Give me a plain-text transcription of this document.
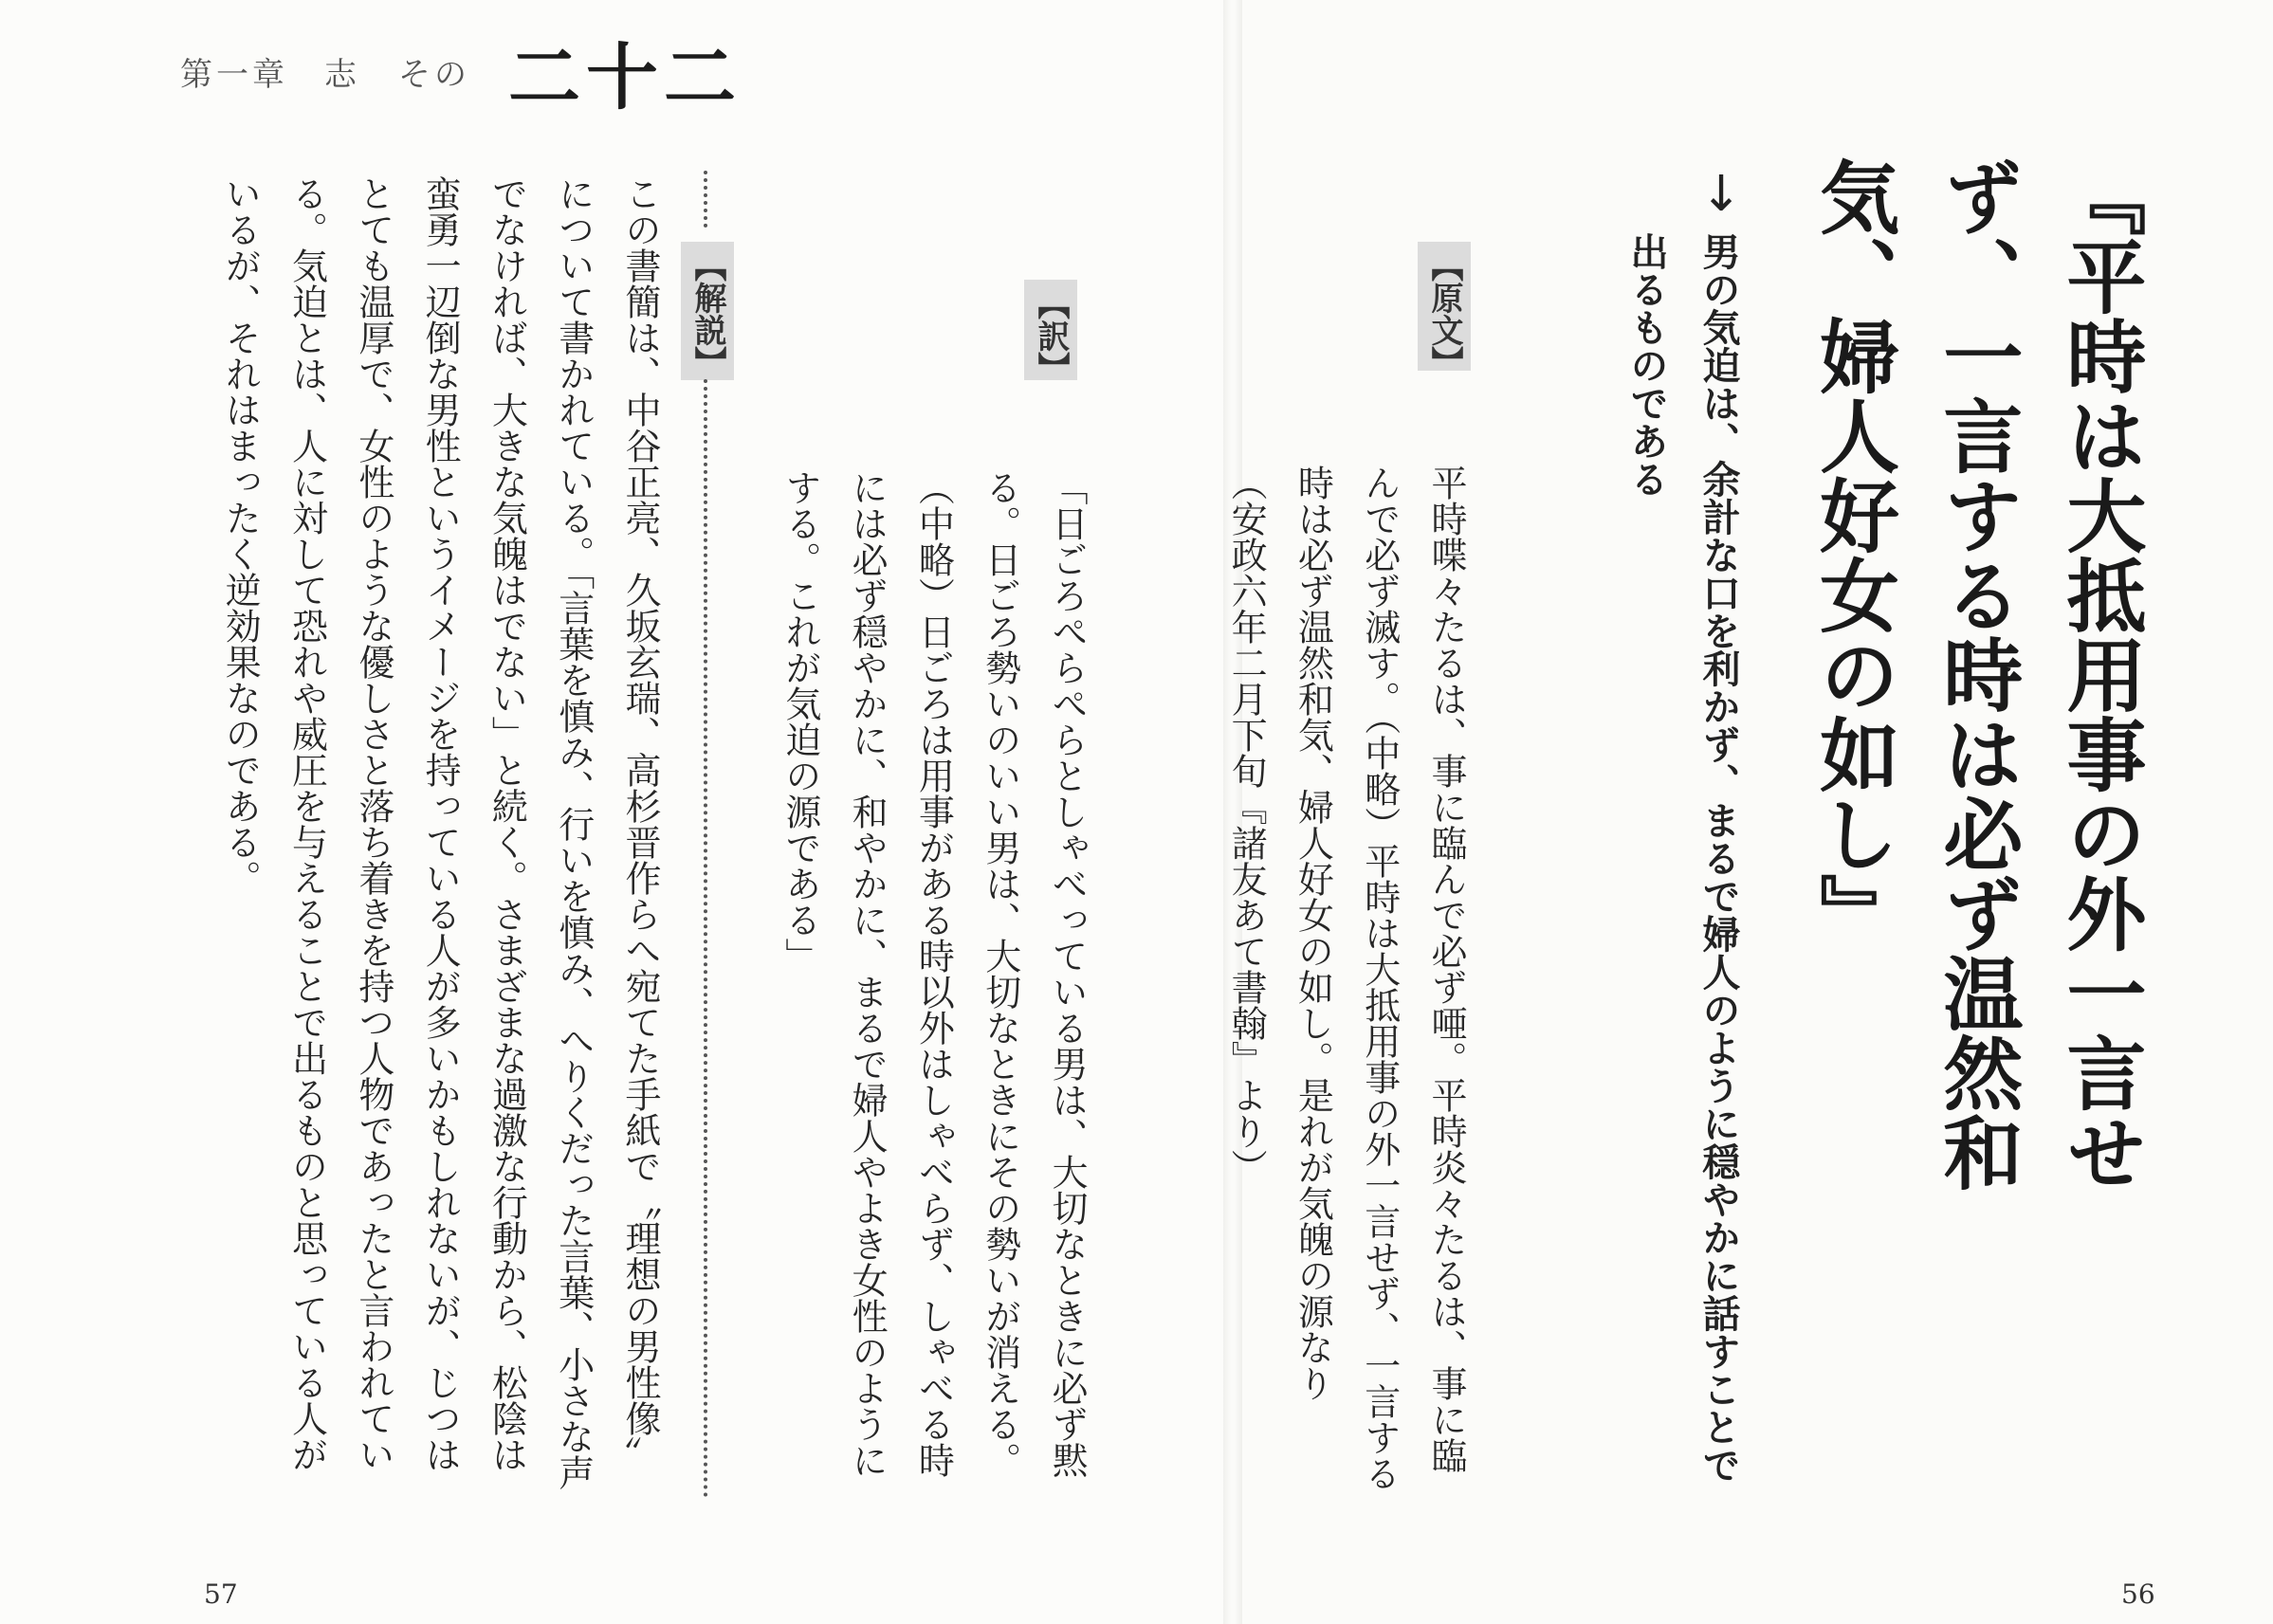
第一章　志 その 二十二
『平時は大抵用事の外一言せず、一言する時は必ず温然和気、婦人好女の如し』
↓
男の気迫は、余計な口を利かず、まるで婦人のように穏やかに話すことで出るものである
【原文】
平時喋々たるは、事に臨んで必ず唖。平時炎々たるは、事に臨んで必ず滅す。（中略）平時は大抵用事の外一言せず、一言する時は必ず温然和気、婦人好女の如し。是れが気魄の源なり （安政六年二月下旬『諸友あて書翰』より）
【訳】
「日ごろぺらぺらとしゃべっている男は、大切なときに必ず黙る。日ごろ勢いのいい男は、大切なときにその勢いが消える。（中略）日ごろは用事がある時以外はしゃべらず、しゃべる時には必ず穏やかに、和やかに、まるで婦人やよき女性のようにする。これが気迫の源である」
【解説】
この書簡は、中谷正亮、久坂玄瑞、高杉晋作らへ宛てた手紙で〝理想の男性像〟について書かれている。「言葉を慎み、行いを慎み、へりくだった言葉、小さな声でなければ、大きな気魄はでない」と続く。さまざまな過激な行動から、松陰は蛮勇一辺倒な男性というイメージを持っている人が多いかもしれないが、じつはとても温厚で、女性のような優しさと落ち着きを持つ人物であったと言われている。気迫とは、人に対して恐れや威圧を与えることで出るものと思っている人がいるが、それはまったく逆効果なのである。
57	56
